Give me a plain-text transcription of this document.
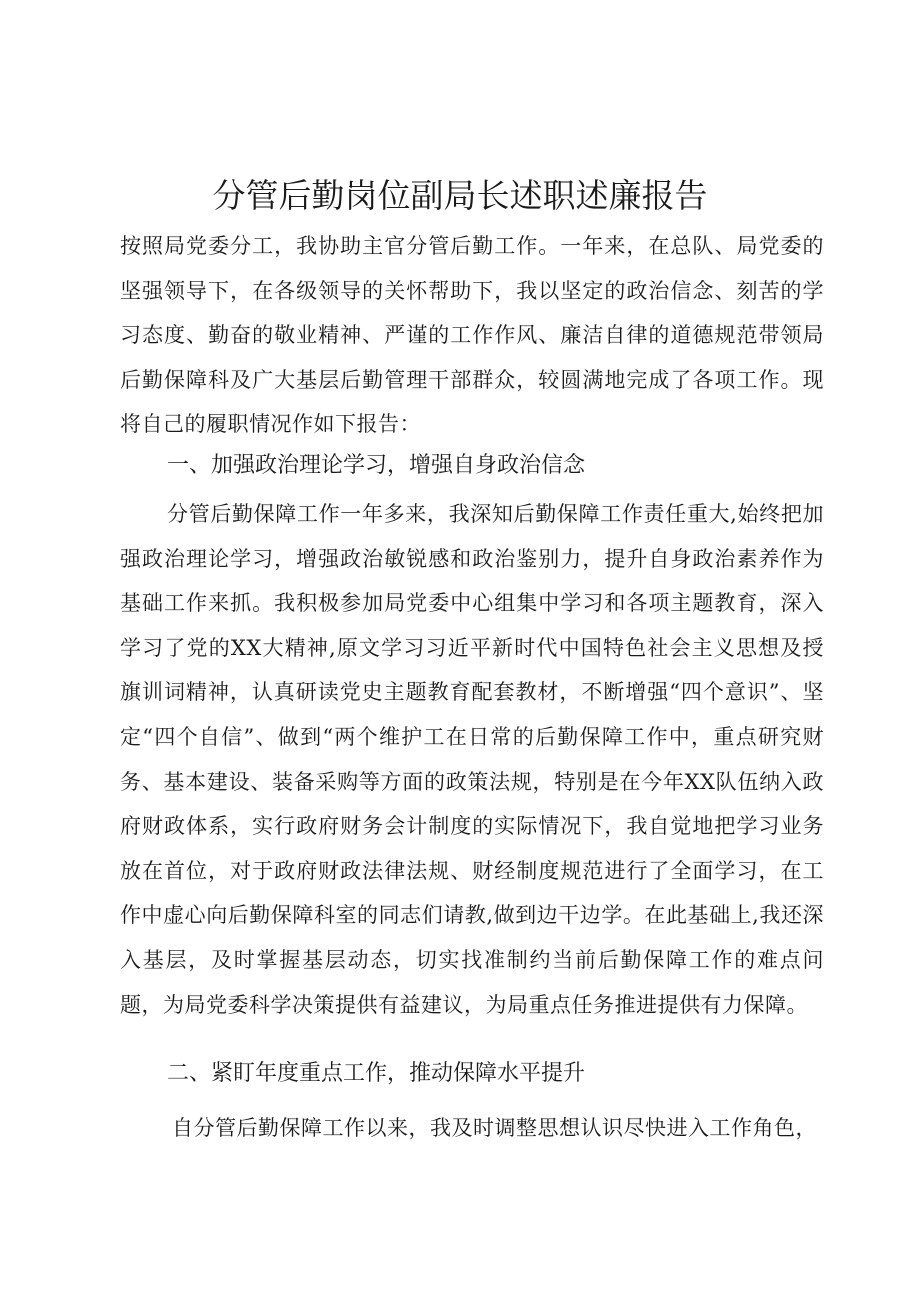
分管后勤岗位副局长述职述廉报告

按照局党委分工，我协助主官分管后勤工作。一年来，在总队、局党委的坚强领导下，在各级领导的关怀帮助下，我以坚定的政治信念、刻苦的学习态度、勤奋的敬业精神、严谨的工作作风、廉洁自律的道德规范带领局后勤保障科及广大基层后勤管理干部群众，较圆满地完成了各项工作。现将自己的履职情况作如下报告：

一、加强政治理论学习，增强自身政治信念

分管后勤保障工作一年多来，我深知后勤保障工作责任重大,始终把加强政治理论学习，增强政治敏锐感和政治鉴别力，提升自身政治素养作为基础工作来抓。我积极参加局党委中心组集中学习和各项主题教育，深入学习了党的XX大精神,原文学习习近平新时代中国特色社会主义思想及授旗训词精神，认真研读党史主题教育配套教材，不断增强“四个意识”、坚定“四个自信”、做到“两个维护工在日常的后勤保障工作中，重点研究财务、基本建设、装备采购等方面的政策法规，特别是在今年XX队伍纳入政府财政体系，实行政府财务会计制度的实际情况下，我自觉地把学习业务放在首位，对于政府财政法律法规、财经制度规范进行了全面学习，在工作中虚心向后勤保障科室的同志们请教,做到边干边学。在此基础上,我还深入基层，及时掌握基层动态，切实找准制约当前后勤保障工作的难点问题，为局党委科学决策提供有益建议，为局重点任务推进提供有力保障。

二、紧盯年度重点工作，推动保障水平提升

自分管后勤保障工作以来，我及时调整思想认识尽快进入工作角色，
